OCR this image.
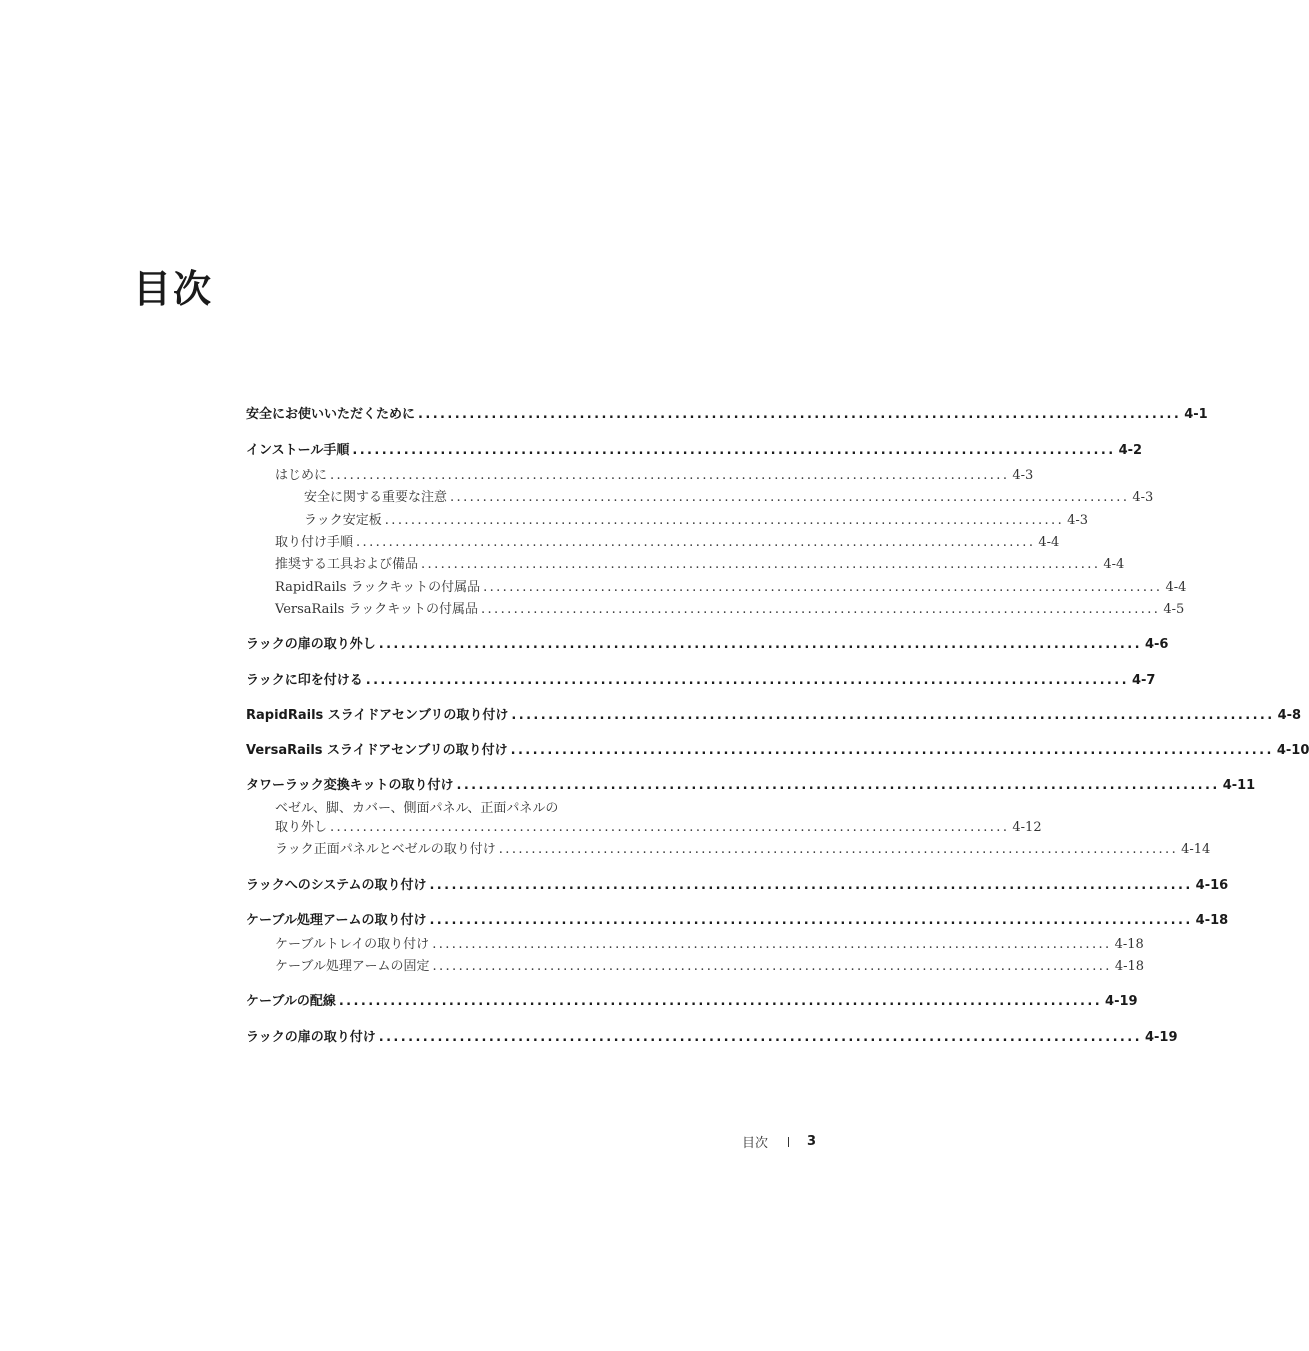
目次
安全にお使いいただくために ........................................................................................................ 4-1
インストール手順 ........................................................................................................ 4-2
はじめに ........................................................................................................ 4-3
安全に関する重要な注意 ........................................................................................................ 4-3
ラック安定板 ........................................................................................................ 4-3
取り付け手順 ........................................................................................................ 4-4
推奨する工具および備品 ........................................................................................................ 4-4
RapidRails ラックキットの付属品 ........................................................................................................ 4-4
VersaRails ラックキットの付属品 ........................................................................................................ 4-5
ラックの扉の取り外し ........................................................................................................ 4-6
ラックに印を付ける ........................................................................................................ 4-7
RapidRails スライドアセンブリの取り付け ........................................................................................................ 4-8
VersaRails スライドアセンブリの取り付け ........................................................................................................ 4-10
タワーラック変換キットの取り付け ........................................................................................................ 4-11
ベゼル、脚、カバー、側面パネル、正面パネルの
取り外し ........................................................................................................ 4-12
ラック正面パネルとベゼルの取り付け ........................................................................................................ 4-14
ラックへのシステムの取り付け ........................................................................................................ 4-16
ケーブル処理アームの取り付け ........................................................................................................ 4-18
ケーブルトレイの取り付け ........................................................................................................ 4-18
ケーブル処理アームの固定 ........................................................................................................ 4-18
ケーブルの配線 ........................................................................................................ 4-19
ラックの扉の取り付け ........................................................................................................ 4-19
目次	3
